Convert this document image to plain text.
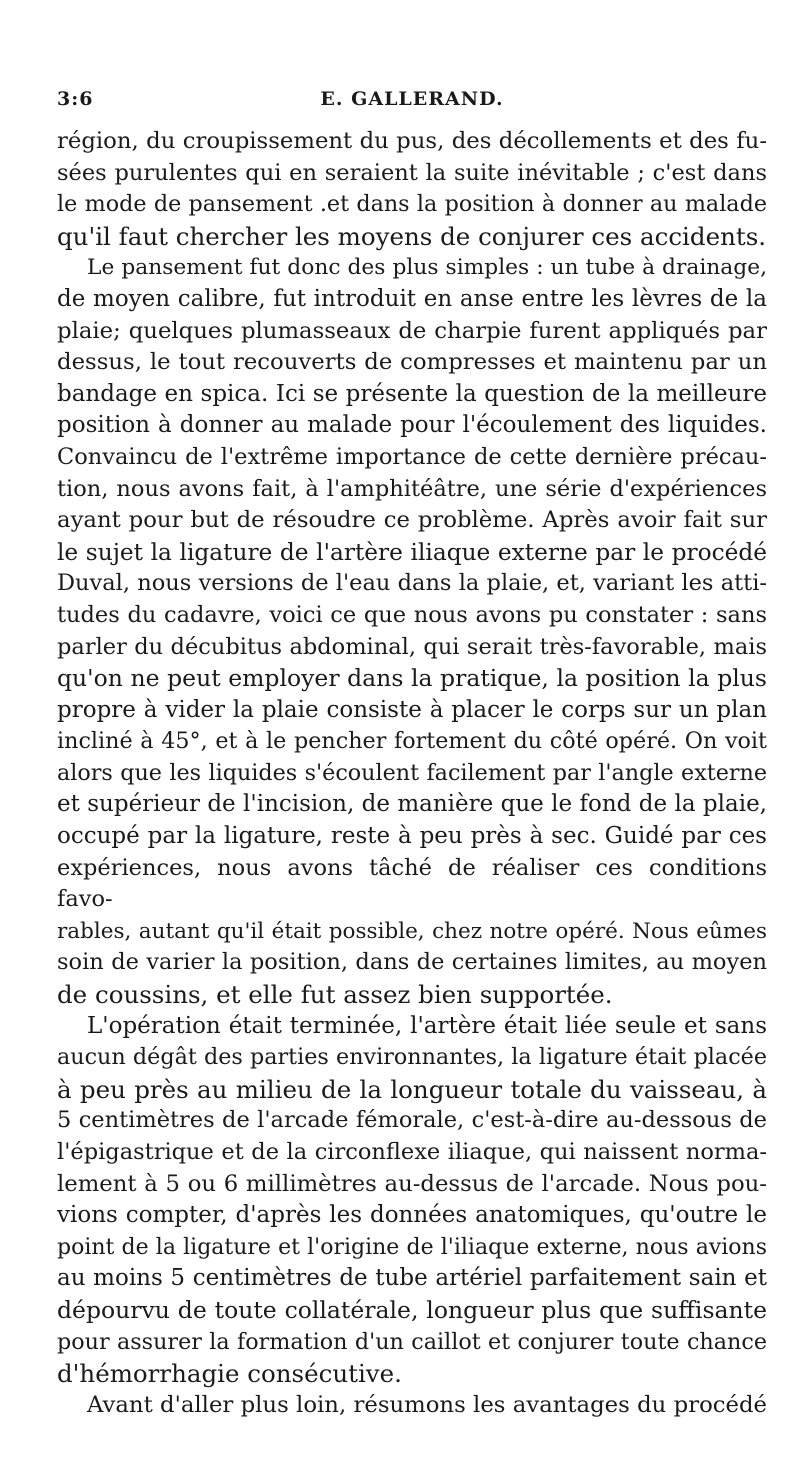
3:6	E. GALLERAND.

région, du croupissement du pus, des décollements et des fu-

sées purulentes qui en seraient la suite inévitable ; c'est dans

le mode de pansement .et dans la position à donner au malade

qu'il faut chercher les moyens de conjurer ces accidents.

Le pansement fut donc des plus simples : un tube à drainage,

de moyen calibre, fut introduit en anse entre les lèvres de la

plaie; quelques plumasseaux de charpie furent appliqués par

dessus, le tout recouverts de compresses et maintenu par un

bandage en spica. Ici se présente la question de la meilleure

position à donner au malade pour l'écoulement des liquides.

Convaincu de l'extrême importance de cette dernière précau-

tion, nous avons fait, à l'amphitéâtre, une série d'expériences

ayant pour but de résoudre ce problème. Après avoir fait sur

le sujet la ligature de l'artère iliaque externe par le procédé

Duval, nous versions de l'eau dans la plaie, et, variant les atti-

tudes du cadavre, voici ce que nous avons pu constater : sans

parler du décubitus abdominal, qui serait très-favorable, mais

qu'on ne peut employer dans la pratique, la position la plus

propre à vider la plaie consiste à placer le corps sur un plan

incliné à 45°, et à le pencher fortement du côté opéré. On voit

alors que les liquides s'écoulent facilement par l'angle externe

et supérieur de l'incision, de manière que le fond de la plaie,

occupé par la ligature, reste à peu près à sec. Guidé par ces

expériences, nous avons tâché de réaliser ces conditions favo-

rables, autant qu'il était possible, chez notre opéré. Nous eûmes

soin de varier la position, dans de certaines limites, au moyen

de coussins, et elle fut assez bien supportée.

L'opération était terminée, l'artère était liée seule et sans

aucun dégât des parties environnantes, la ligature était placée

à peu près au milieu de la longueur totale du vaisseau, à

5 centimètres de l'arcade fémorale, c'est-à-dire au-dessous de

l'épigastrique et de la circonflexe iliaque, qui naissent norma-

lement à 5 ou 6 millimètres au-dessus de l'arcade. Nous pou-

vions compter, d'après les données anatomiques, qu'outre le

point de la ligature et l'origine de l'iliaque externe, nous avions

au moins 5 centimètres de tube artériel parfaitement sain et

dépourvu de toute collatérale, longueur plus que suffisante

pour assurer la formation d'un caillot et conjurer toute chance

d'hémorrhagie consécutive.

Avant d'aller plus loin, résumons les avantages du procédé
